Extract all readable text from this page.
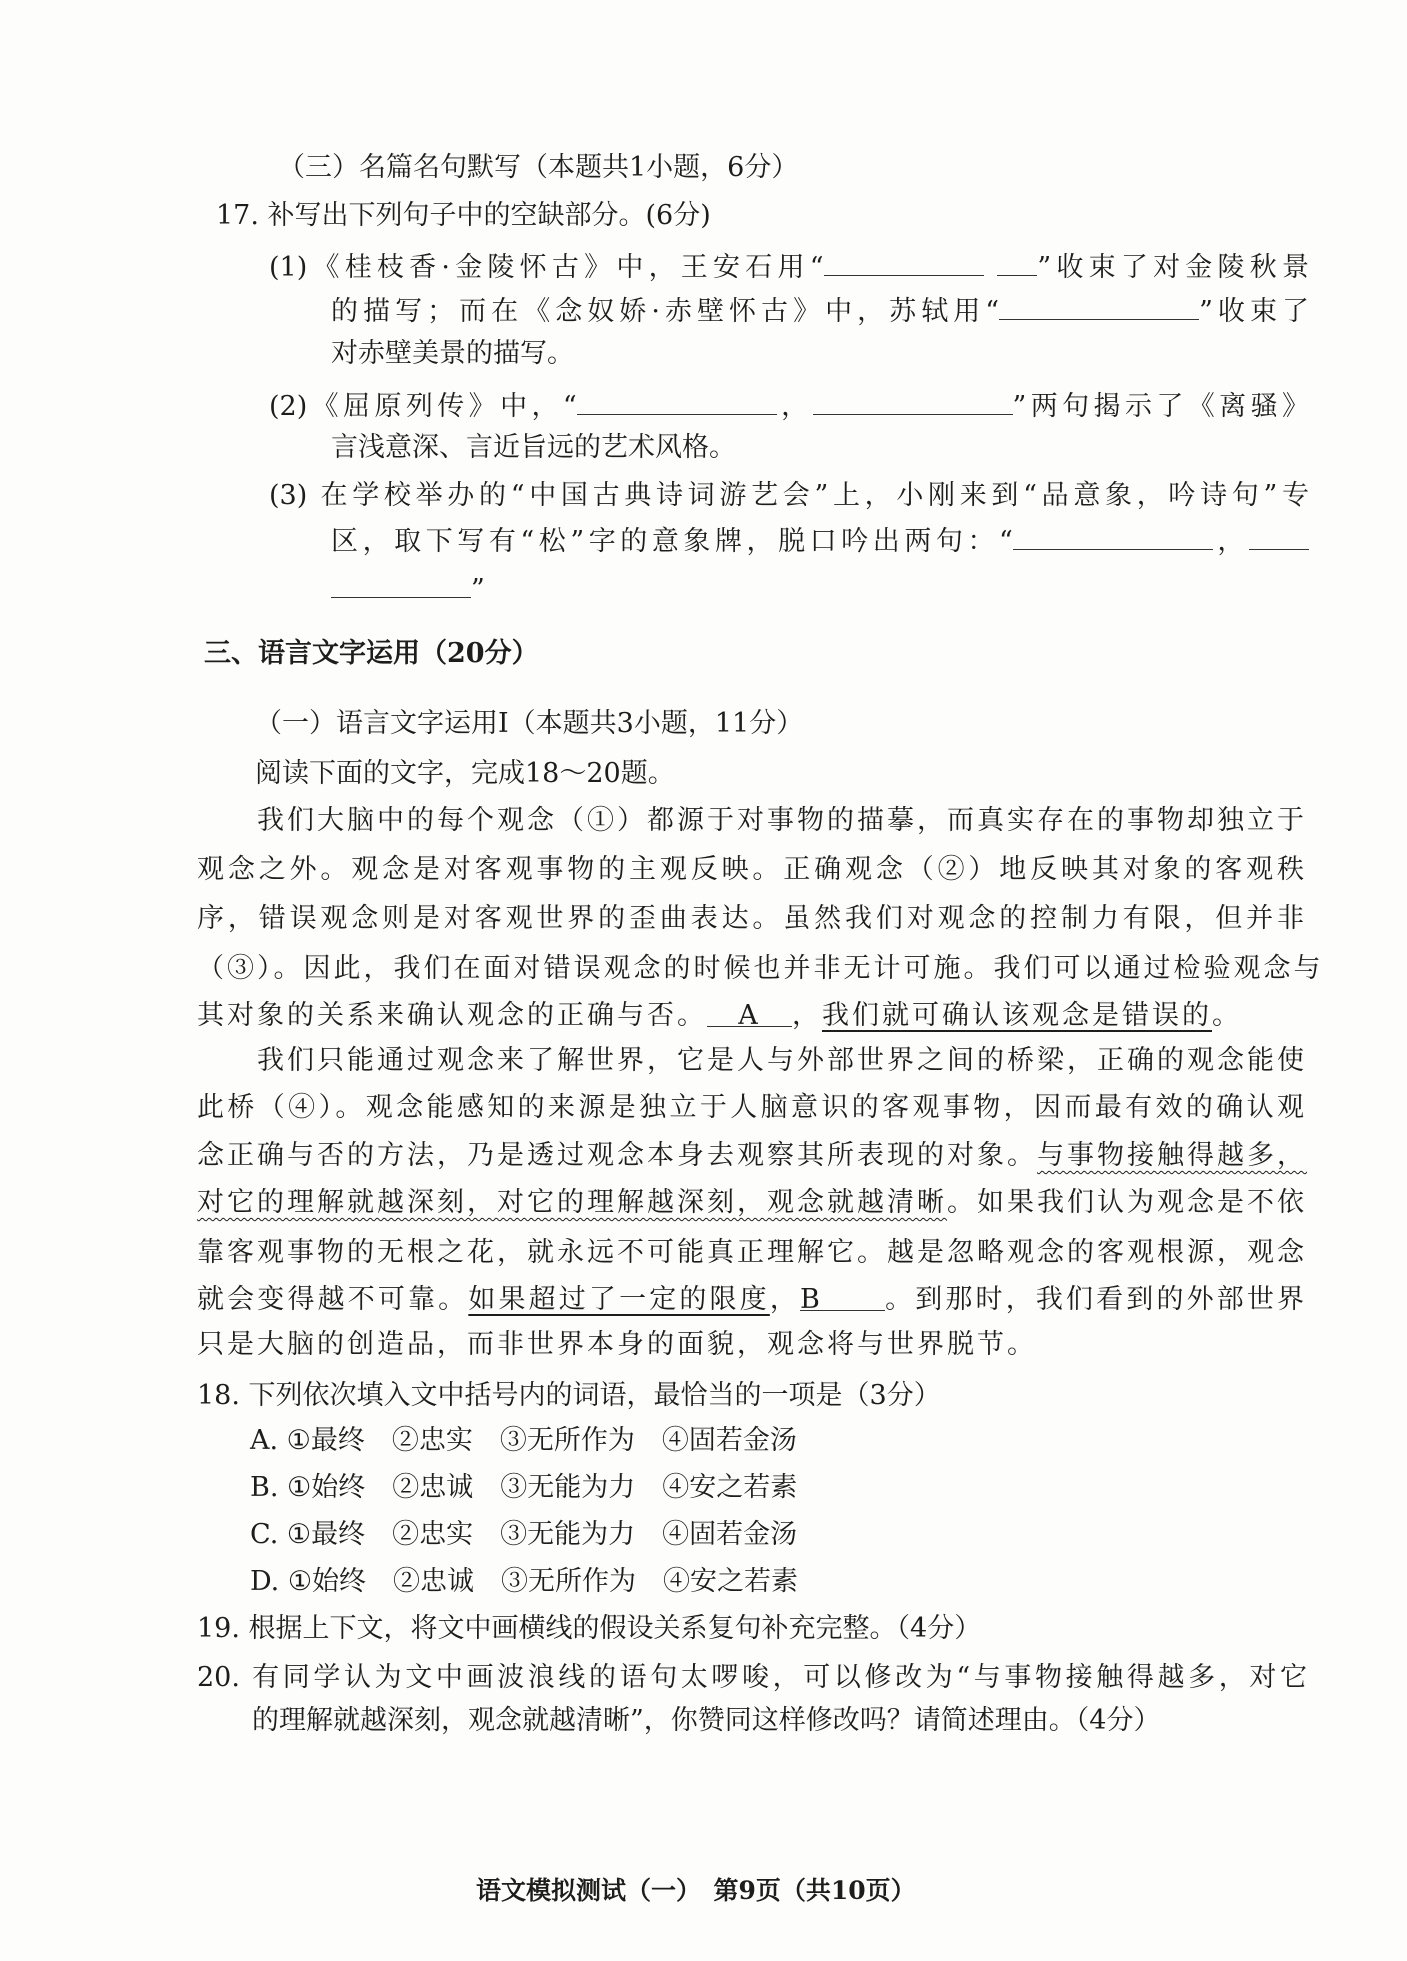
（三）名篇名句默写（本题共1小题，6分）
17. 补写出下列句子中的空缺部分。(6分)
(1)《桂枝香·金陵怀古》中，王安石用“	”收束了对金陵秋景
的描写；而在《念奴娇·赤壁怀古》中，苏轼用“	”收束了
对赤壁美景的描写。
(2)《屈原列传》中，“	，	”两句揭示了《离骚》
言浅意深、言近旨远的艺术风格。
(3) 在学校举办的“中国古典诗词游艺会”上，小刚来到“品意象，吟诗句”专
区，取下写有“松”字的意象牌，脱口吟出两句：“	，
”
三、语言文字运用（20分）
（一）语言文字运用Ⅰ（本题共3小题，11分）
阅读下面的文字，完成18～20题。
　　我们大脑中的每个观念（①）都源于对事物的描摹，而真实存在的事物却独立于
观念之外。观念是对客观事物的主观反映。正确观念（②）地反映其对象的客观秩
序，错误观念则是对客观世界的歪曲表达。虽然我们对观念的控制力有限，但并非
（③）。因此，我们在面对错误观念的时候也并非无计可施。我们可以通过检验观念与
其对象的关系来确认观念的正确与否。 A ，我们就可确认该观念是错误的。
　　我们只能通过观念来了解世界，它是人与外部世界之间的桥梁，正确的观念能使
此桥（④）。观念能感知的来源是独立于人脑意识的客观事物，因而最有效的确认观
念正确与否的方法，乃是透过观念本身去观察其所表现的对象。与事物接触得越多，
对它的理解就越深刻，对它的理解越深刻，观念就越清晰。如果我们认为观念是不依
靠客观事物的无根之花，就永远不可能真正理解它。越是忽略观念的客观根源，观念
就会变得越不可靠。如果超过了一定的限度，B 。到那时，我们看到的外部世界
只是大脑的创造品，而非世界本身的面貌，观念将与世界脱节。
18. 下列依次填入文中括号内的词语，最恰当的一项是（3分）
A. ①最终　②忠实　③无所作为　④固若金汤
B. ①始终　②忠诚　③无能为力　④安之若素
C. ①最终　②忠实　③无能为力　④固若金汤
D. ①始终　②忠诚　③无所作为　④安之若素
19. 根据上下文，将文中画横线的假设关系复句补充完整。（4分）
20. 有同学认为文中画波浪线的语句太啰唆，可以修改为“与事物接触得越多，对它
的理解就越深刻，观念就越清晰”，你赞同这样修改吗？请简述理由。（4分）
语文模拟测试（一）　第9页（共10页）
